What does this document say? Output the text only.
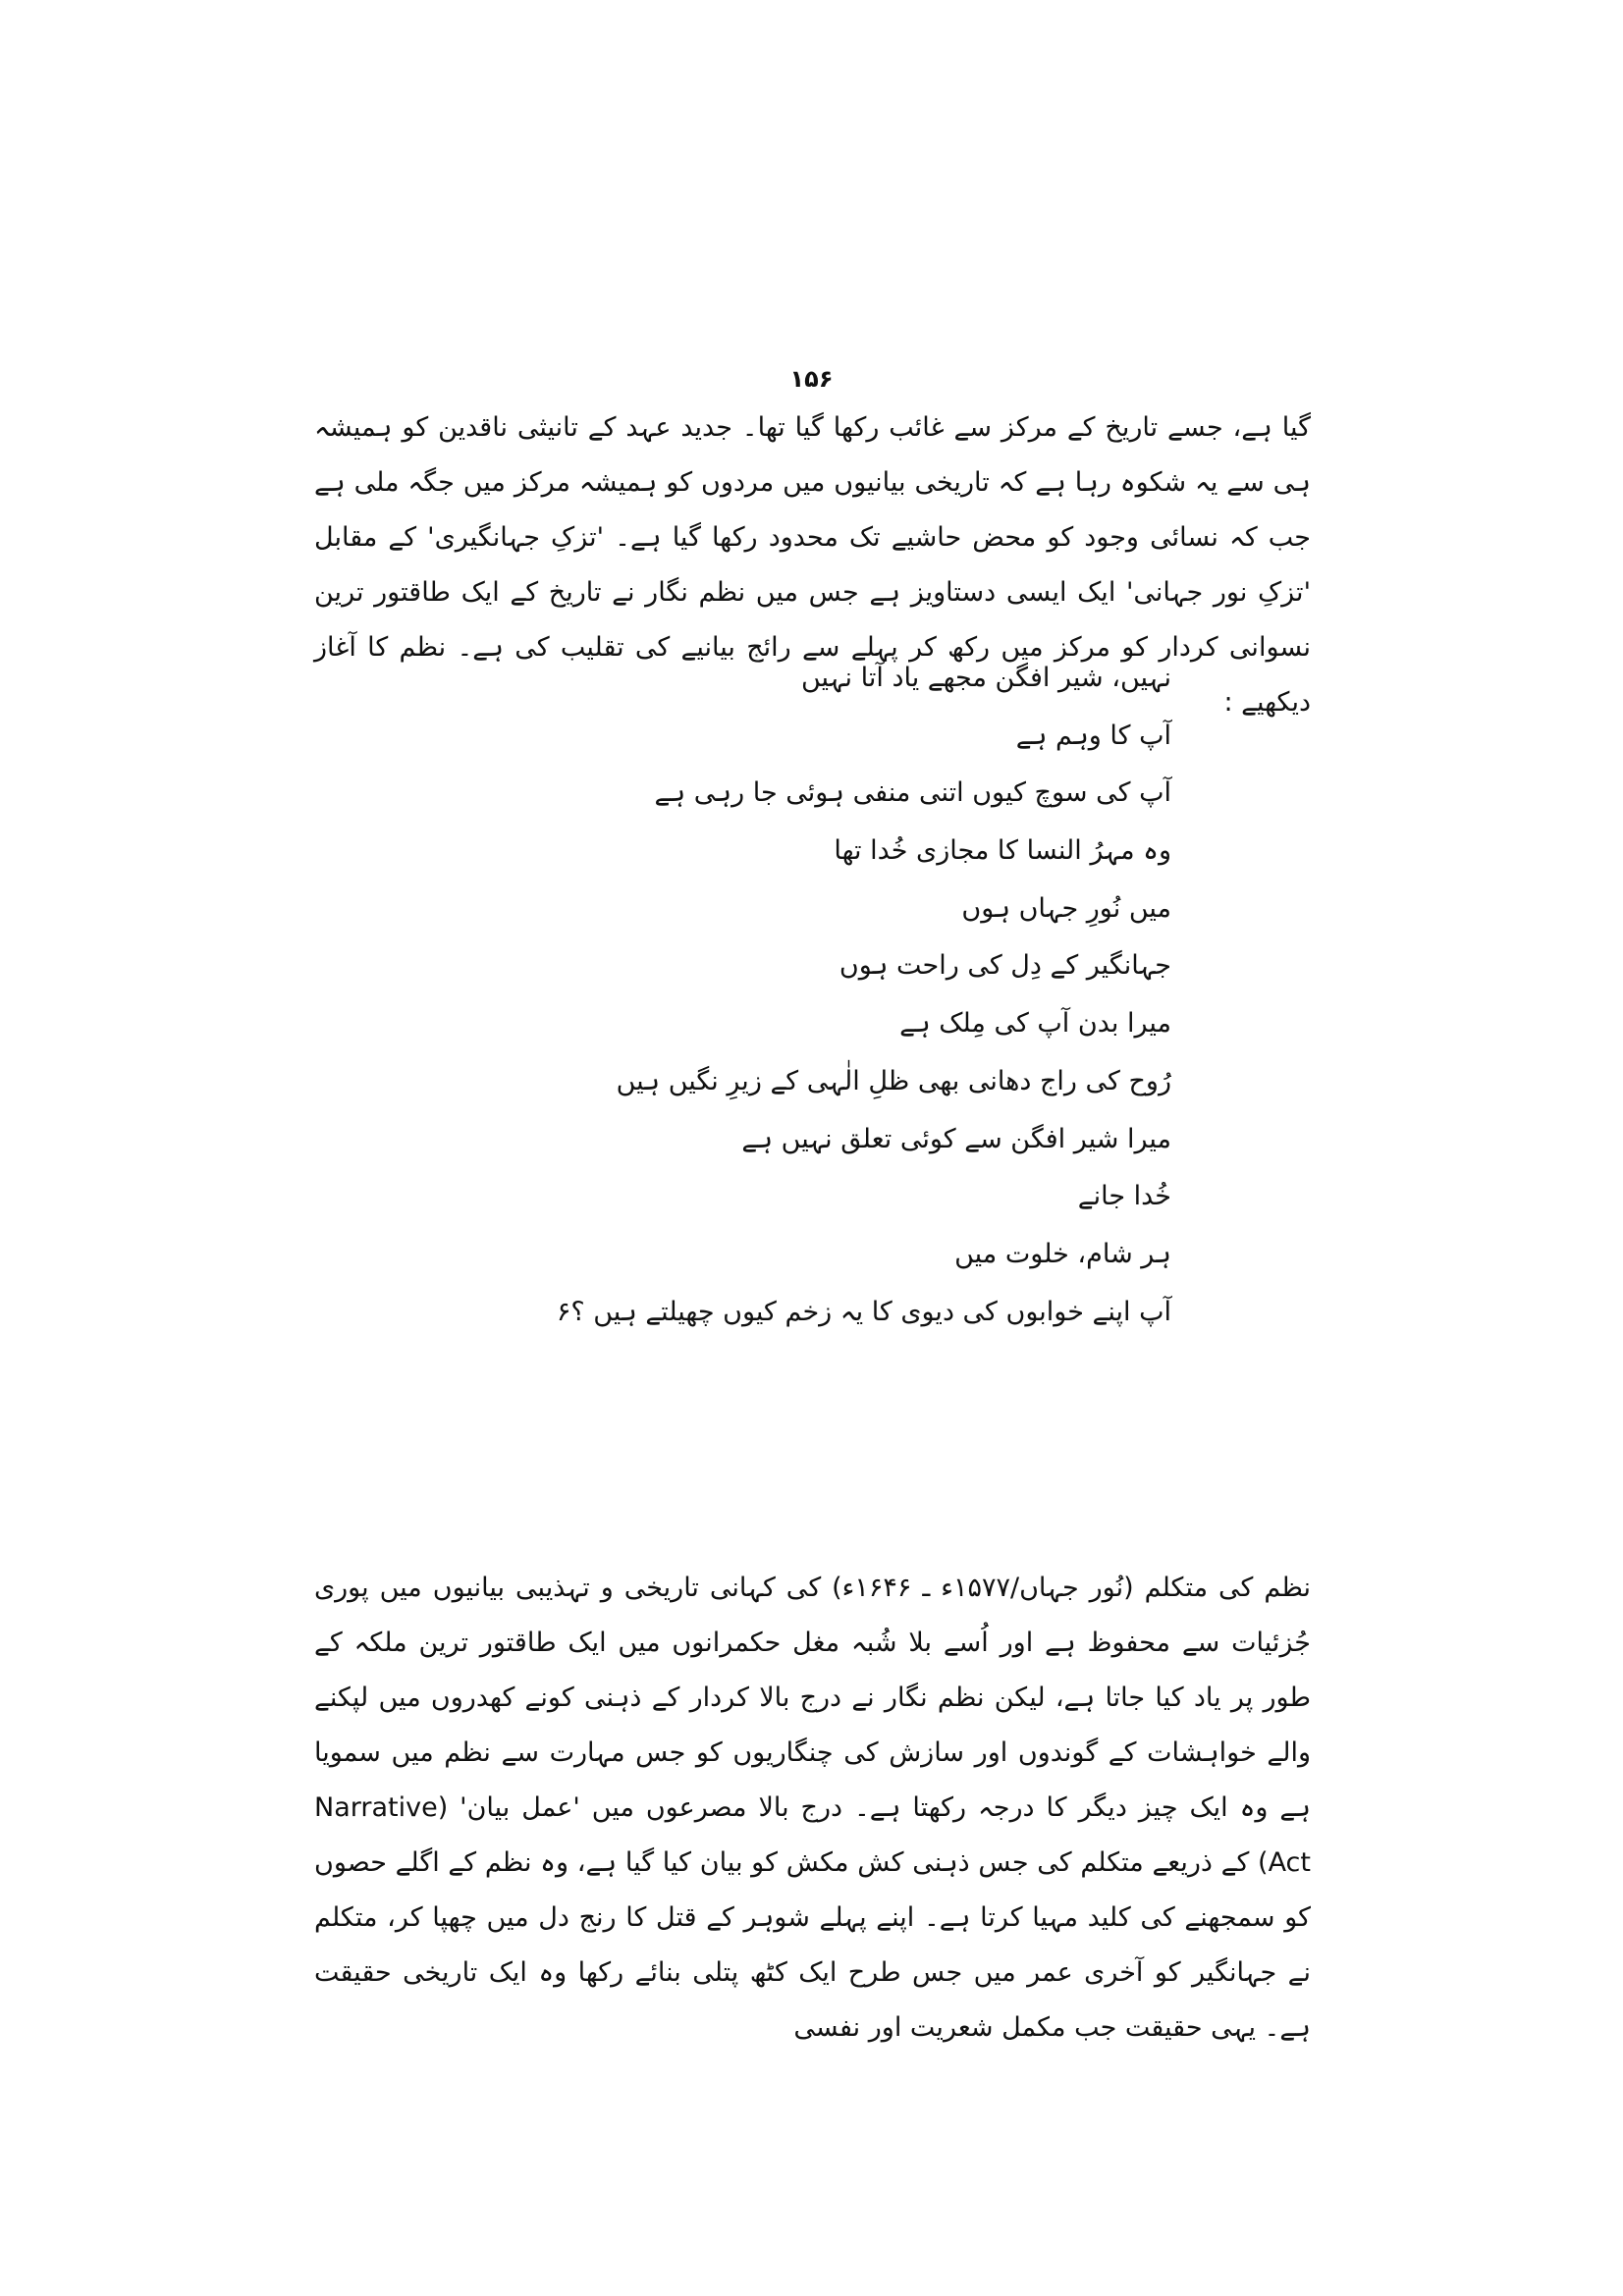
۱۵۶

گیا ہے، جسے تاریخ کے مرکز سے غائب رکھا گیا تھا۔ جدید عہد کے تانیثی ناقدین کو ہمیشہ ہی سے یہ شکوہ رہا ہے کہ تاریخی بیانیوں میں مردوں کو ہمیشہ مرکز میں جگہ ملی ہے جب کہ نسائی وجود کو محض حاشیے تک محدود رکھا گیا ہے۔ 'تزکِ جہانگیری' کے مقابل 'تزکِ نور جہانی' ایک ایسی دستاویز ہے جس میں نظم نگار نے تاریخ کے ایک طاقتور ترین نسوانی کردار کو مرکز میں رکھ کر پہلے سے رائج بیانیے کی تقلیب کی ہے۔ نظم کا آغاز دیکھیے :

نہیں، شیر افگن مجھے یاد آتا نہیں
آپ کا وہم ہے
آپ کی سوچ کیوں اتنی منفی ہوئی جا رہی ہے
وہ مہرُ النسا کا مجازی خُدا تھا
میں نُورِ جہاں ہوں
جہانگیر کے دِل کی راحت ہوں
میرا بدن آپ کی مِلک ہے
رُوح کی راج دھانی بھی ظلِ الٰہی کے زیرِ نگیں ہیں
میرا شیر افگن سے کوئی تعلق نہیں ہے
خُدا جانے
ہر شام، خلوت میں
آپ اپنے خوابوں کی دیوی کا یہ زخم کیوں چھیلتے ہیں ؟۶

نظم کی متکلم (نُور جہاں/۱۵۷۷ء ـ ۱۶۴۶ء) کی کہانی تاریخی و تہذیبی بیانیوں میں پوری جُزئیات سے محفوظ ہے اور اُسے بلا شُبہ مغل حکمرانوں میں ایک طاقتور ترین ملکہ کے طور پر یاد کیا جاتا ہے، لیکن نظم نگار نے درج بالا کردار کے ذہنی کونے کھدروں میں لپکنے والے خواہشات کے گوندوں اور سازش کی چنگاریوں کو جس مہارت سے نظم میں سمویا ہے وہ ایک چیز دیگر کا درجہ رکھتا ہے۔ درج بالا مصرعوں میں 'عمل بیان' (Narrative Act) کے ذریعے متکلم کی جس ذہنی کش مکش کو بیان کیا گیا ہے، وہ نظم کے اگلے حصوں کو سمجھنے کی کلید مہیا کرتا ہے۔ اپنے پہلے شوہر کے قتل کا رنج دل میں چھپا کر، متکلم نے جہانگیر کو آخری عمر میں جس طرح ایک کٹھ پتلی بنائے رکھا وہ ایک تاریخی حقیقت ہے۔ یہی حقیقت جب مکمل شعریت اور نفسی
